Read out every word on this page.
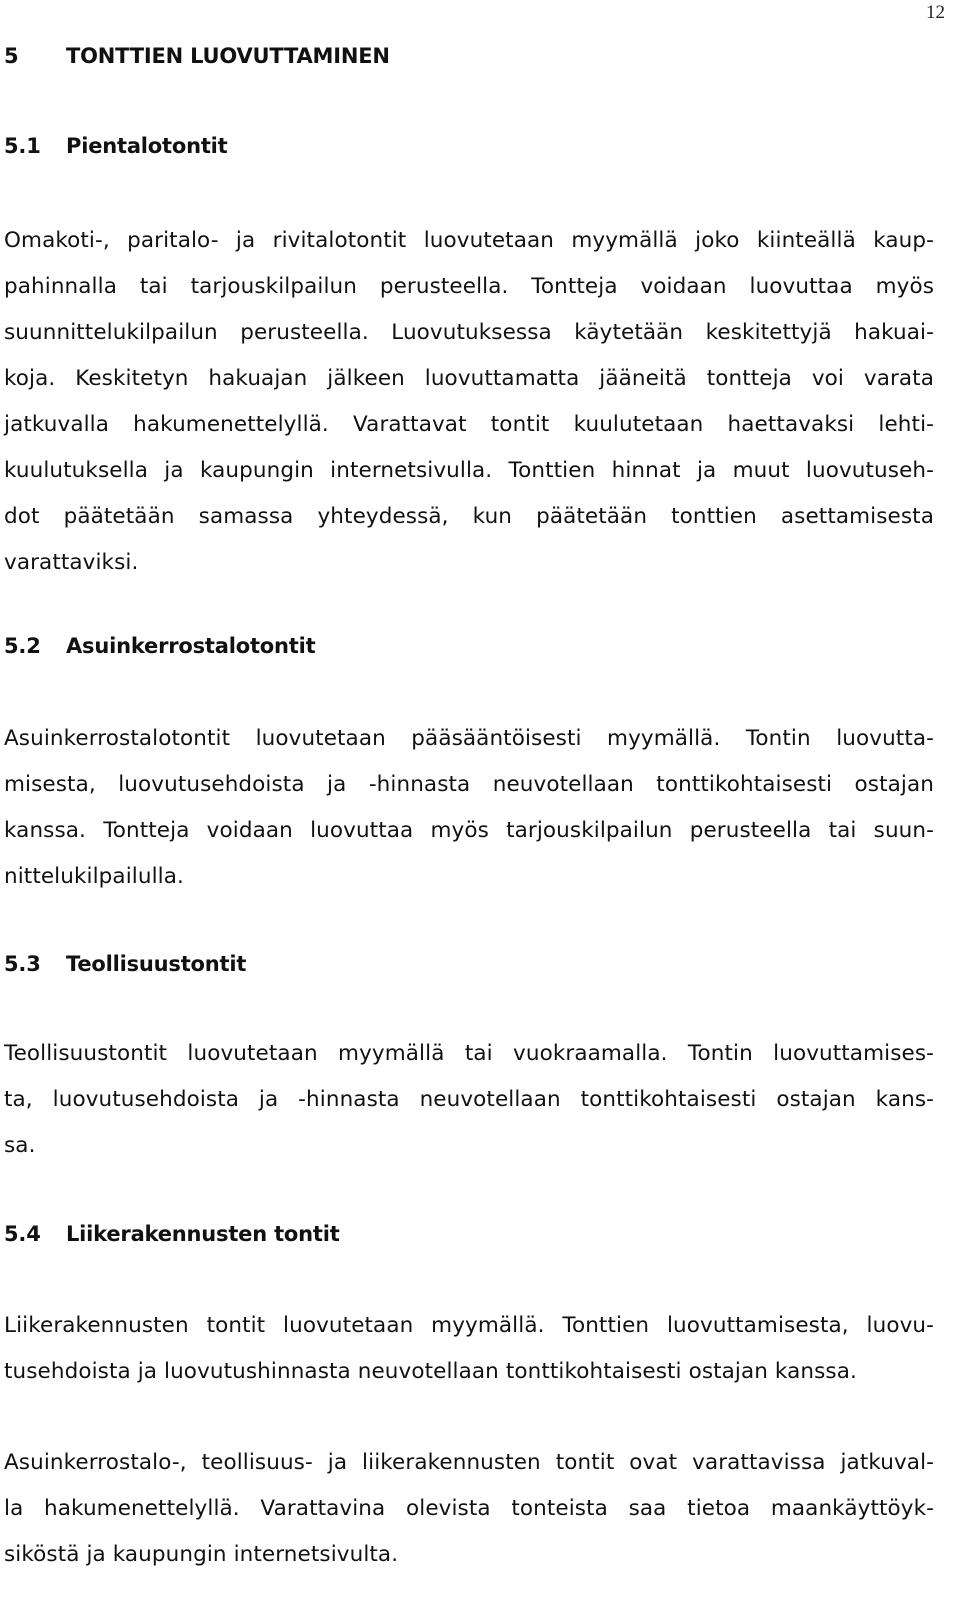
12
5 TONTTIEN LUOVUTTAMINEN
5.1 Pientalotontit
Omakoti-, paritalo- ja rivitalotontit luovutetaan myymällä joko kiinteällä kaup-
pahinnalla tai tarjouskilpailun perusteella. Tontteja voidaan luovuttaa myös
suunnittelukilpailun perusteella. Luovutuksessa käytetään keskitettyjä hakuai-
koja. Keskitetyn hakuajan jälkeen luovuttamatta jääneitä tontteja voi varata
jatkuvalla hakumenettelyllä. Varattavat tontit kuulutetaan haettavaksi lehti-
kuulutuksella ja kaupungin internetsivulla. Tonttien hinnat ja muut luovutuseh-
dot päätetään samassa yhteydessä, kun päätetään tonttien asettamisesta
varattaviksi.
5.2 Asuinkerrostalotontit
Asuinkerrostalotontit luovutetaan pääsääntöisesti myymällä. Tontin luovutta-
misesta, luovutusehdoista ja -hinnasta neuvotellaan tonttikohtaisesti ostajan
kanssa. Tontteja voidaan luovuttaa myös tarjouskilpailun perusteella tai suun-
nittelukilpailulla.
5.3 Teollisuustontit
Teollisuustontit luovutetaan myymällä tai vuokraamalla. Tontin luovuttamises-
ta, luovutusehdoista ja -hinnasta neuvotellaan tonttikohtaisesti ostajan kans-
sa.
5.4 Liikerakennusten tontit
Liikerakennusten tontit luovutetaan myymällä. Tonttien luovuttamisesta, luovu-
tusehdoista ja luovutushinnasta neuvotellaan tonttikohtaisesti ostajan kanssa.
Asuinkerrostalo-, teollisuus- ja liikerakennusten tontit ovat varattavissa jatkuval-
la hakumenettelyllä. Varattavina olevista tonteista saa tietoa maankäyttöyk-
siköstä ja kaupungin internetsivulta.
